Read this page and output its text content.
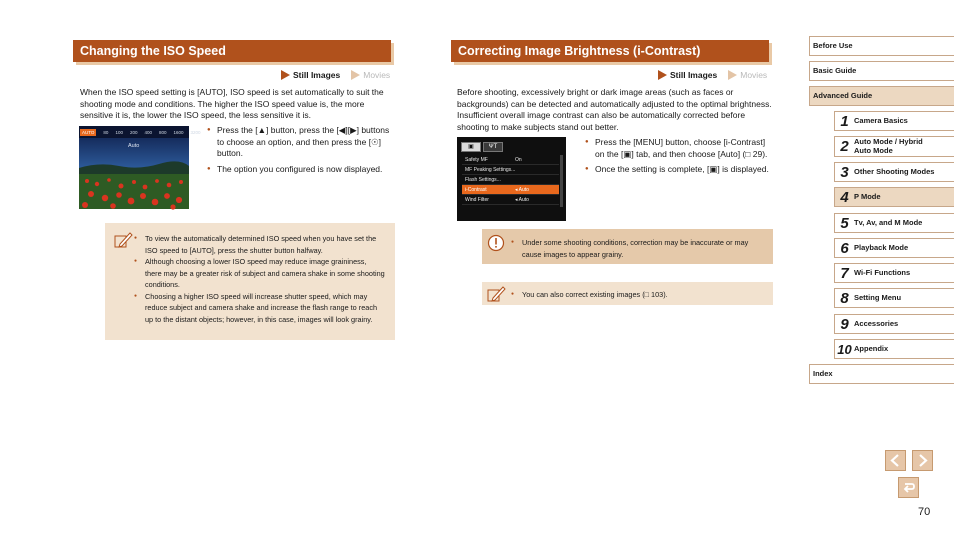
Changing the ISO Speed
Still Images	Movies
When the ISO speed setting is [AUTO], ISO speed is set automatically to suit the shooting mode and conditions. The higher the ISO speed value is, the more sensitive it is, the lower the ISO speed, the less sensitive it is.
AUTO	80 100 200 400 800 1600 3200
Auto
● Press the [▲] button, press the [◀][▶] buttons to choose an option, and then press the [☉] button.
● The option you configured is now displayed.
● To view the automatically determined ISO speed when you have set the ISO speed to [AUTO], press the shutter button halfway.
● Although choosing a lower ISO speed may reduce image graininess, there may be a greater risk of subject and camera shake in some shooting conditions.
● Choosing a higher ISO speed will increase shutter speed, which may reduce subject and camera shake and increase the flash range to reach up to the distant objects; however, in this case, images will look grainy.
Correcting Image Brightness (i-Contrast)
Still Images	Movies
Before shooting, excessively bright or dark image areas (such as faces or backgrounds) can be detected and automatically adjusted to the optimal brightness. Insufficient overall image contrast can also be automatically corrected before shooting to make subjects stand out better.
▣	ΨΤ
Safety MF	On
MF Peaking Settings...
Flash Settings...
i-Contrast	◂ Auto
Wind Filter	◂ Auto
● Press the [MENU] button, choose [i-Contrast] on the [▣] tab, and then choose [Auto] (□ 29).
● Once the setting is complete, [▣] is displayed.
● Under some shooting conditions, correction may be inaccurate or may cause images to appear grainy.
● You can also correct existing images (□ 103).
Before Use
Basic Guide
Advanced Guide
1 Camera Basics
2 Auto Mode / Hybrid Auto Mode
3 Other Shooting Modes
4 P Mode
5 Tv, Av, and M Mode
6 Playback Mode
7 Wi-Fi Functions
8 Setting Menu
9 Accessories
10 Appendix
Index
70
